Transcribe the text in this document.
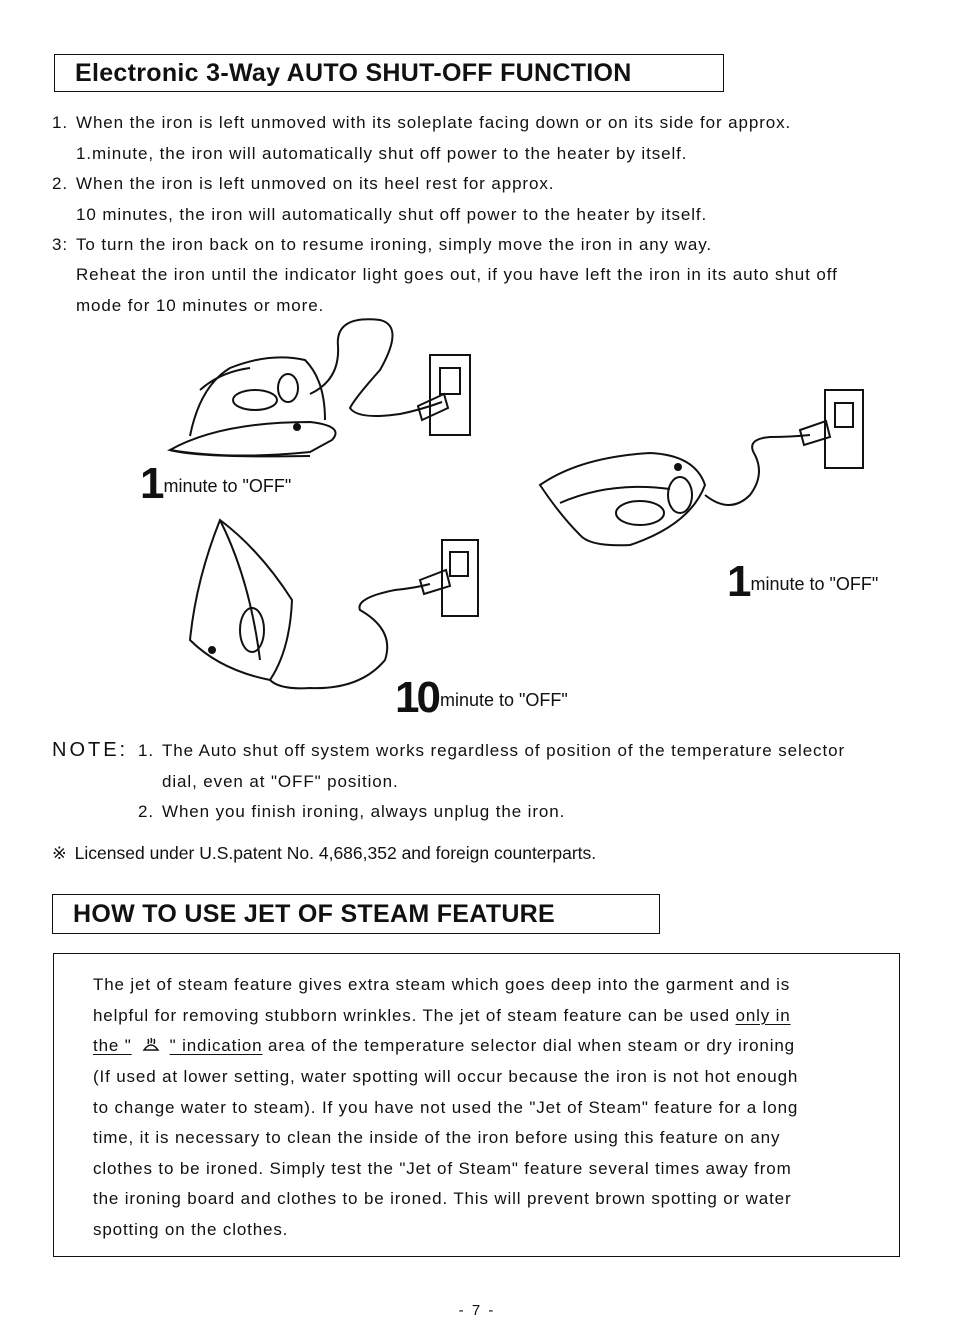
Electronic 3-Way AUTO SHUT-OFF FUNCTION
1. When the iron is left unmoved with its soleplate facing down or on its side for approx.
1.minute, the iron will automatically shut off power to the heater by itself.
2. When the iron is left unmoved on its heel rest for approx.
10 minutes, the iron will automatically shut off power to the heater by itself.
3: To turn the iron back on to resume ironing, simply move the iron in any way.
Reheat the iron until the indicator light goes out, if you have left the iron in its auto shut off
mode for 10 minutes or more.
1 minute to "OFF"
1 minute to "OFF"
10 minute to "OFF"
NOTE: 1. The Auto shut off system works regardless of position of the temperature selector
dial, even at "OFF" position.
2. When you finish ironing, always unplug the iron.
※ Licensed under U.S.patent No. 4,686,352 and foreign counterparts.
HOW TO USE JET OF STEAM FEATURE
The jet of steam feature gives extra steam which goes deep into the garment and is
helpful for removing stubborn wrinkles. The jet of steam feature can be used only in
the " " indication area of the temperature selector dial when steam or dry ironing
(If used at lower setting, water spotting will occur because the iron is not hot enough
to change water to steam). If you have not used the "Jet of Steam" feature for a long
time, it is necessary to clean the inside of the iron before using this feature on any
clothes to be ironed. Simply test the "Jet of Steam" feature several times away from
the ironing board and clothes to be ironed. This will prevent brown spotting or water
spotting on the clothes.
- 7 -
